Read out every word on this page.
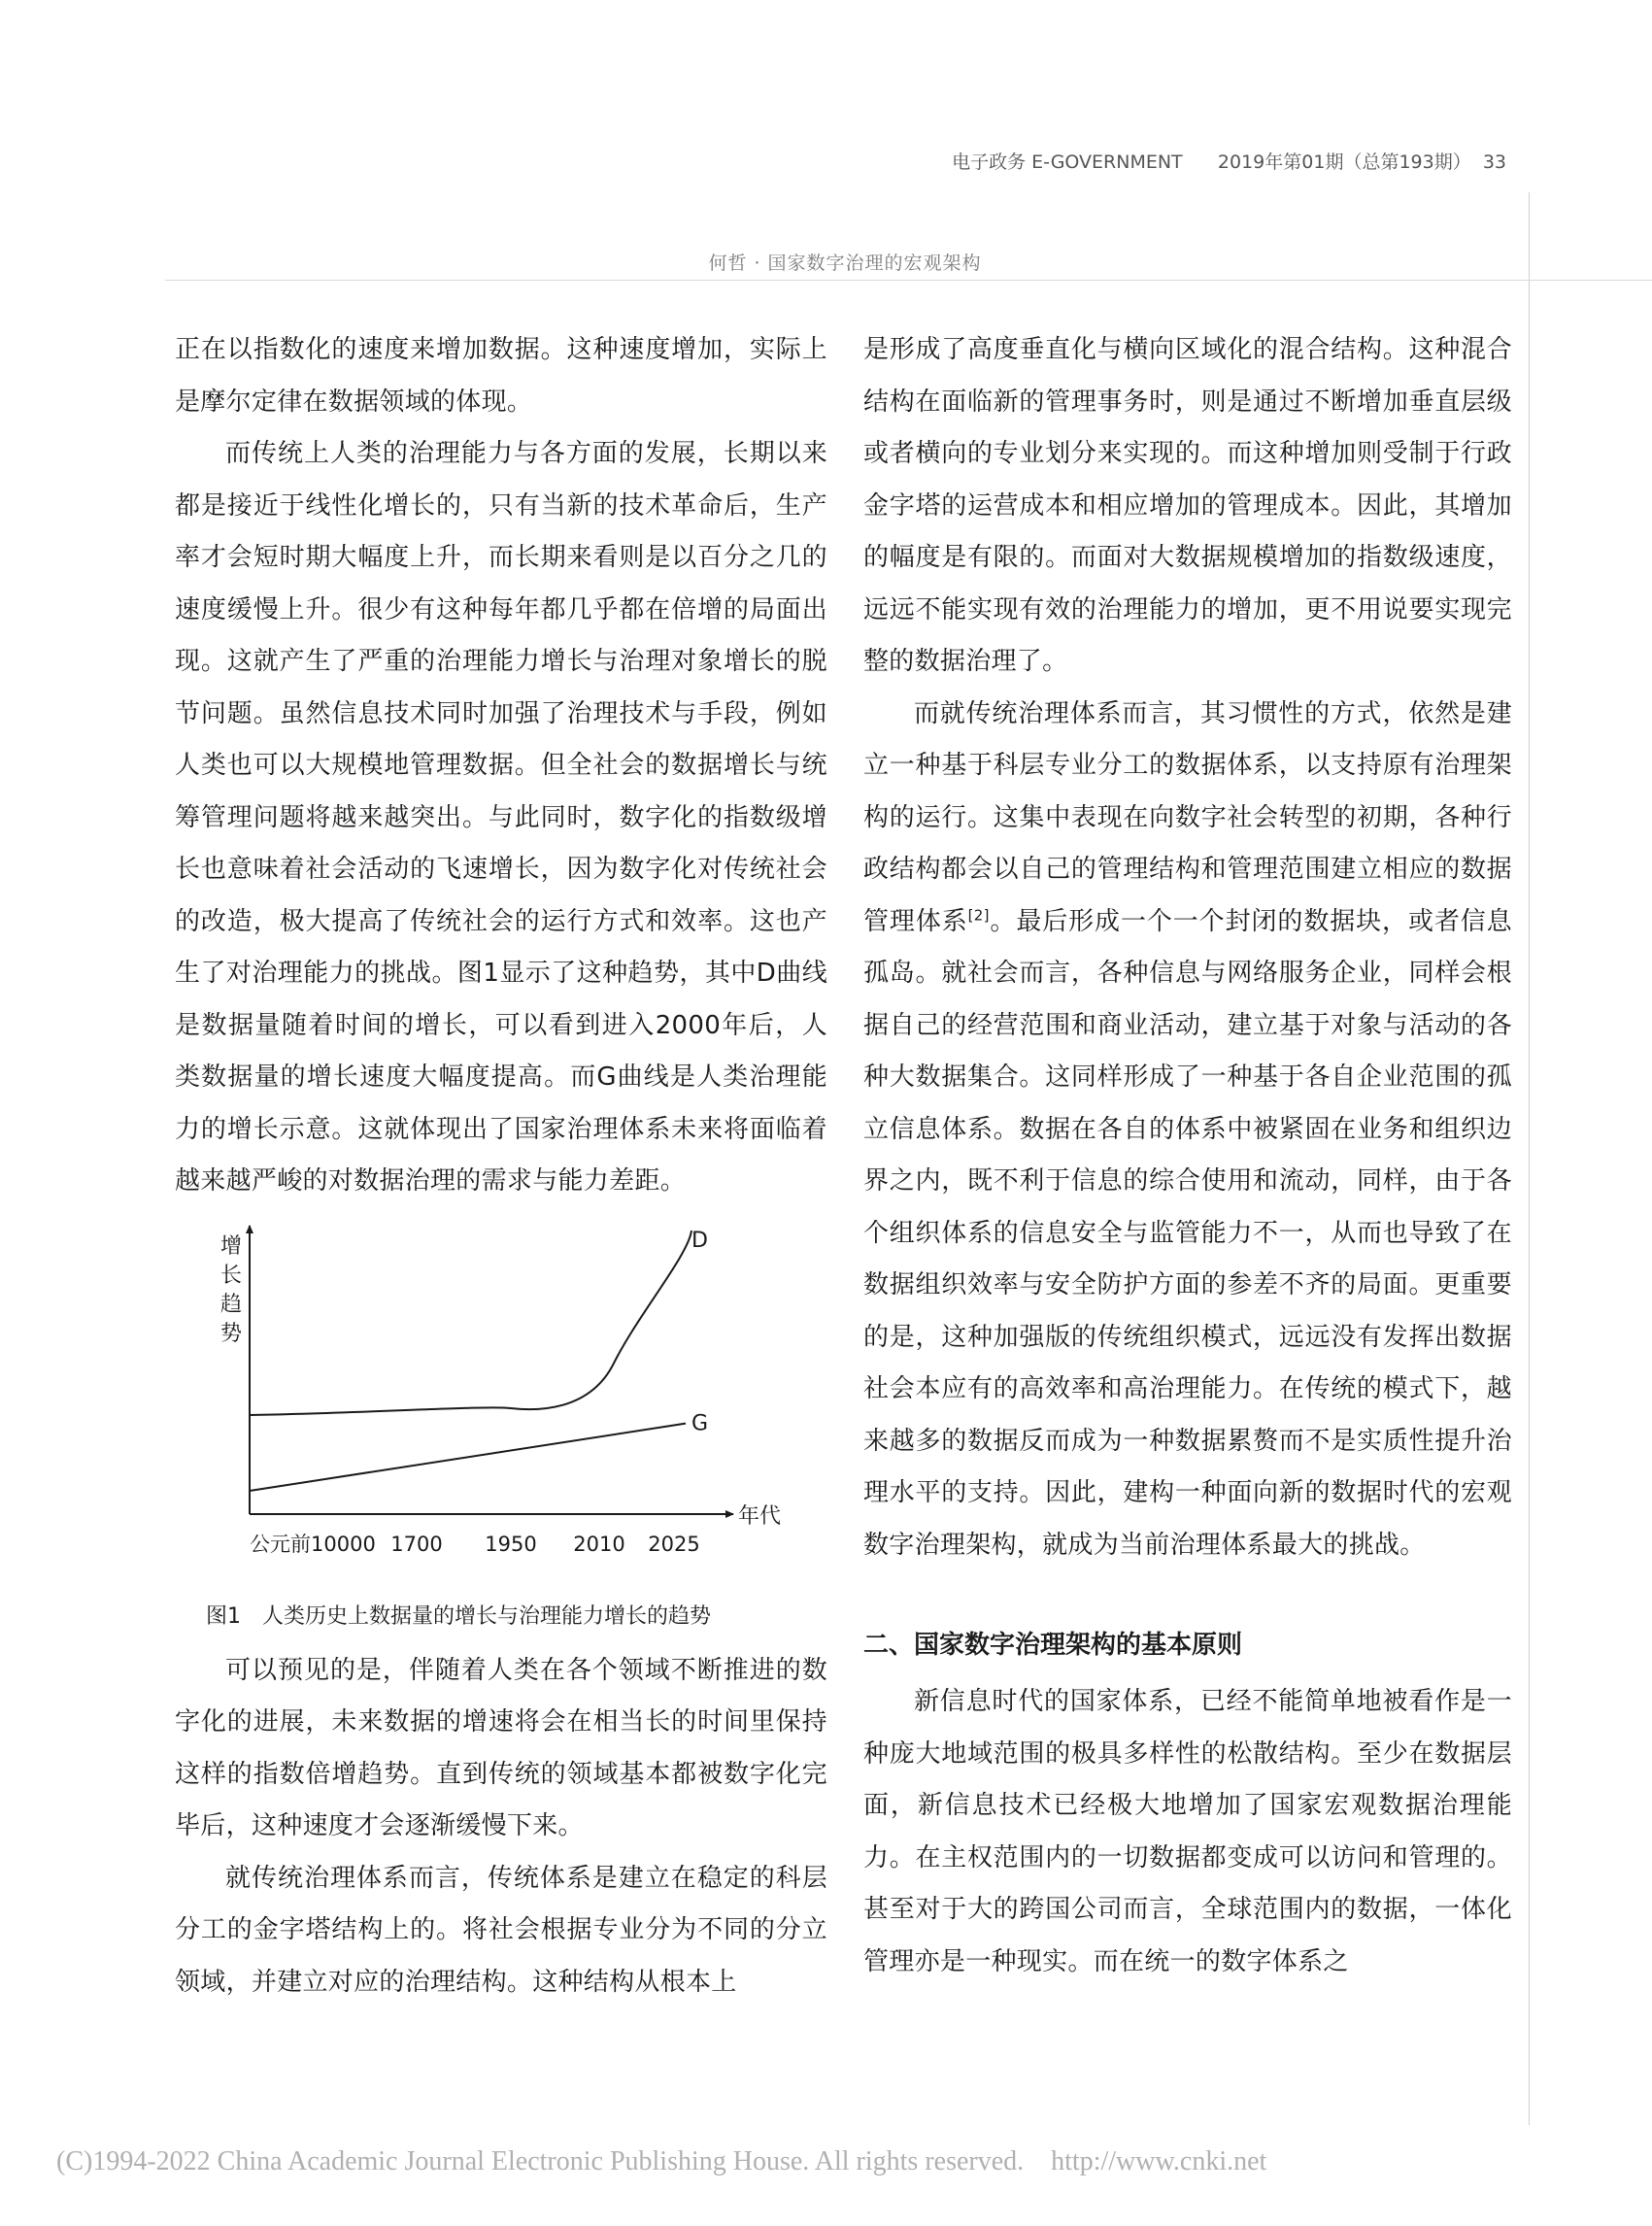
电子政务 E-GOVERNMENT 2019年第01期（总第193期） 33
何哲 · 国家数字治理的宏观架构

正在以指数化的速度来增加数据。这种速度增加，实际上是摩尔定律在数据领域的体现。

而传统上人类的治理能力与各方面的发展，长期以来都是接近于线性化增长的，只有当新的技术革命后，生产率才会短时期大幅度上升，而长期来看则是以百分之几的速度缓慢上升。很少有这种每年都几乎都在倍增的局面出现。这就产生了严重的治理能力增长与治理对象增长的脱节问题。虽然信息技术同时加强了治理技术与手段，例如人类也可以大规模地管理数据。但全社会的数据增长与统筹管理问题将越来越突出。与此同时，数字化的指数级增长也意味着社会活动的飞速增长，因为数字化对传统社会的改造，极大提高了传统社会的运行方式和效率。这也产生了对治理能力的挑战。图1显示了这种趋势，其中D曲线是数据量随着时间的增长，可以看到进入2000年后，人类数据量的增长速度大幅度提高。而G曲线是人类治理能力的增长示意。这就体现出了国家治理体系未来将面临着越来越严峻的对数据治理的需求与能力差距。

增长趋势
年代
公元前10000 1700 1950 2010 2025
D
G
图1　人类历史上数据量的增长与治理能力增长的趋势

可以预见的是，伴随着人类在各个领域不断推进的数字化的进展，未来数据的增速将会在相当长的时间里保持这样的指数倍增趋势。直到传统的领域基本都被数字化完毕后，这种速度才会逐渐缓慢下来。

就传统治理体系而言，传统体系是建立在稳定的科层分工的金字塔结构上的。将社会根据专业分为不同的分立领域，并建立对应的治理结构。这种结构从根本上

是形成了高度垂直化与横向区域化的混合结构。这种混合结构在面临新的管理事务时，则是通过不断增加垂直层级或者横向的专业划分来实现的。而这种增加则受制于行政金字塔的运营成本和相应增加的管理成本。因此，其增加的幅度是有限的。而面对大数据规模增加的指数级速度，远远不能实现有效的治理能力的增加，更不用说要实现完整的数据治理了。

而就传统治理体系而言，其习惯性的方式，依然是建立一种基于科层专业分工的数据体系，以支持原有治理架构的运行。这集中表现在向数字社会转型的初期，各种行政结构都会以自己的管理结构和管理范围建立相应的数据管理体系[2]。最后形成一个一个封闭的数据块，或者信息孤岛。就社会而言，各种信息与网络服务企业，同样会根据自己的经营范围和商业活动，建立基于对象与活动的各种大数据集合。这同样形成了一种基于各自企业范围的孤立信息体系。数据在各自的体系中被紧固在业务和组织边界之内，既不利于信息的综合使用和流动，同样，由于各个组织体系的信息安全与监管能力不一，从而也导致了在数据组织效率与安全防护方面的参差不齐的局面。更重要的是，这种加强版的传统组织模式，远远没有发挥出数据社会本应有的高效率和高治理能力。在传统的模式下，越来越多的数据反而成为一种数据累赘而不是实质性提升治理水平的支持。因此，建构一种面向新的数据时代的宏观数字治理架构，就成为当前治理体系最大的挑战。

二、国家数字治理架构的基本原则

新信息时代的国家体系，已经不能简单地被看作是一种庞大地域范围的极具多样性的松散结构。至少在数据层面，新信息技术已经极大地增加了国家宏观数据治理能力。在主权范围内的一切数据都变成可以访问和管理的。甚至对于大的跨国公司而言，全球范围内的数据，一体化管理亦是一种现实。而在统一的数字体系之

(C)1994-2022 China Academic Journal Electronic Publishing House. All rights reserved. http://www.cnki.net
